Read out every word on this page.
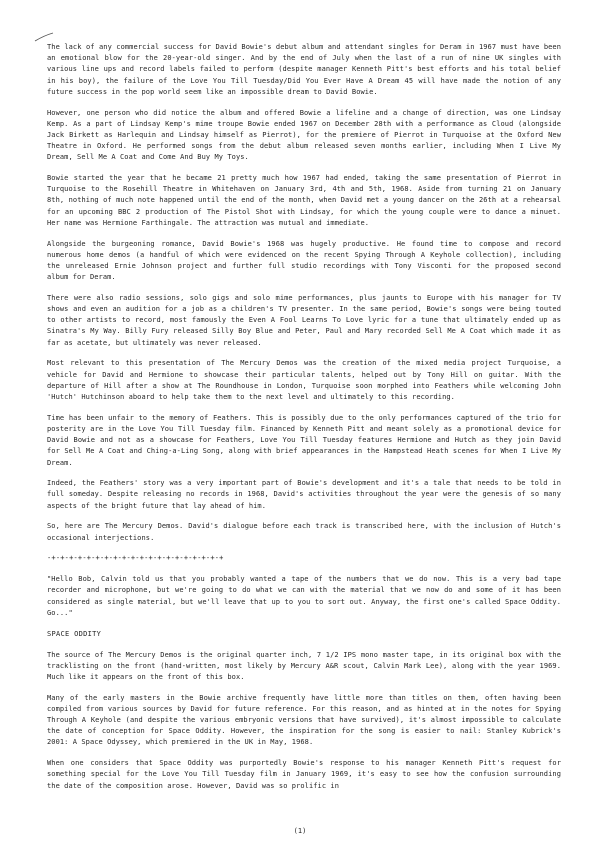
The lack of any commercial success for David Bowie's debut album and attendant singles for Deram in 1967 must have been an emotional blow for the 20-year-old singer. And by the end of July when the last of a run of nine UK singles with various line ups and record labels failed to perform (despite manager Kenneth Pitt's best efforts and his total belief in his boy), the failure of the Love You Till Tuesday/Did You Ever Have A Dream 45 will have made the notion of any future success in the pop world seem like an impossible dream to David Bowie.

However, one person who did notice the album and offered Bowie a lifeline and a change of direction, was one Lindsay Kemp. As a part of Lindsay Kemp's mime troupe Bowie ended 1967 on December 28th with a performance as Cloud (alongside Jack Birkett as Harlequin and Lindsay himself as Pierrot), for the premiere of Pierrot in Turquoise at the Oxford New Theatre in Oxford. He performed songs from the debut album released seven months earlier, including When I Live My Dream, Sell Me A Coat and Come And Buy My Toys.

Bowie started the year that he became 21 pretty much how 1967 had ended, taking the same presentation of Pierrot in Turquoise to the Rosehill Theatre in Whitehaven on January 3rd, 4th and 5th, 1968. Aside from turning 21 on January 8th, nothing of much note happened until the end of the month, when David met a young dancer on the 26th at a rehearsal for an upcoming BBC 2 production of The Pistol Shot with Lindsay, for which the young couple were to dance a minuet. Her name was Hermione Farthingale. The attraction was mutual and immediate.

Alongside the burgeoning romance, David Bowie's 1968 was hugely productive. He found time to compose and record numerous home demos (a handful of which were evidenced on the recent Spying Through A Keyhole collection), including the unreleased Ernie Johnson project and further full studio recordings with Tony Visconti for the proposed second album for Deram.

There were also radio sessions, solo gigs and solo mime performances, plus jaunts to Europe with his manager for TV shows and even an audition for a job as a children's TV presenter. In the same period, Bowie's songs were being touted to other artists to record, most famously the Even A Fool Learns To Love lyric for a tune that ultimately ended up as Sinatra's My Way. Billy Fury released Silly Boy Blue and Peter, Paul and Mary recorded Sell Me A Coat which made it as far as acetate, but ultimately was never released.

Most relevant to this presentation of The Mercury Demos was the creation of the mixed media project Turquoise, a vehicle for David and Hermione to showcase their particular talents, helped out by Tony Hill on guitar. With the departure of Hill after a show at The Roundhouse in London, Turquoise soon morphed into Feathers while welcoming John 'Hutch' Hutchinson aboard to help take them to the next level and ultimately to this recording.

Time has been unfair to the memory of Feathers. This is possibly due to the only performances captured of the trio for posterity are in the Love You Till Tuesday film. Financed by Kenneth Pitt and meant solely as a promotional device for David Bowie and not as a showcase for Feathers, Love You Till Tuesday features Hermione and Hutch as they join David for Sell Me A Coat and Ching-a-Ling Song, along with brief appearances in the Hampstead Heath scenes for When I Live My Dream.

Indeed, the Feathers' story was a very important part of Bowie's development and it's a tale that needs to be told in full someday. Despite releasing no records in 1968, David's activities throughout the year were the genesis of so many aspects of the bright future that lay ahead of him.

So, here are The Mercury Demos. David's dialogue before each track is transcribed here, with the inclusion of Hutch's occasional interjections.

-+-+-+-+-+-+-+-+-+-+-+-+-+-+-+-+-+-+-+-+

"Hello Bob, Calvin told us that you probably wanted a tape of the numbers that we do now. This is a very bad tape recorder and microphone, but we're going to do what we can with the material that we now do and some of it has been considered as single material, but we'll leave that up to you to sort out. Anyway, the first one's called Space Oddity. Go..."

SPACE ODDITY

The source of The Mercury Demos is the original quarter inch, 7 1/2 IPS mono master tape, in its original box with the tracklisting on the front (hand-written, most likely by Mercury A&R scout, Calvin Mark Lee), along with the year 1969. Much like it appears on the front of this box.

Many of the early masters in the Bowie archive frequently have little more than titles on them, often having been compiled from various sources by David for future reference. For this reason, and as hinted at in the notes for Spying Through A Keyhole (and despite the various embryonic versions that have survived), it's almost impossible to calculate the date of conception for Space Oddity. However, the inspiration for the song is easier to nail: Stanley Kubrick's 2001: A Space Odyssey, which premiered in the UK in May, 1968.

When one considers that Space Oddity was purportedly Bowie's response to his manager Kenneth Pitt's request for something special for the Love You Till Tuesday film in January 1969, it's easy to see how the confusion surrounding the date of the composition arose. However, David was so prolific in

(1)
